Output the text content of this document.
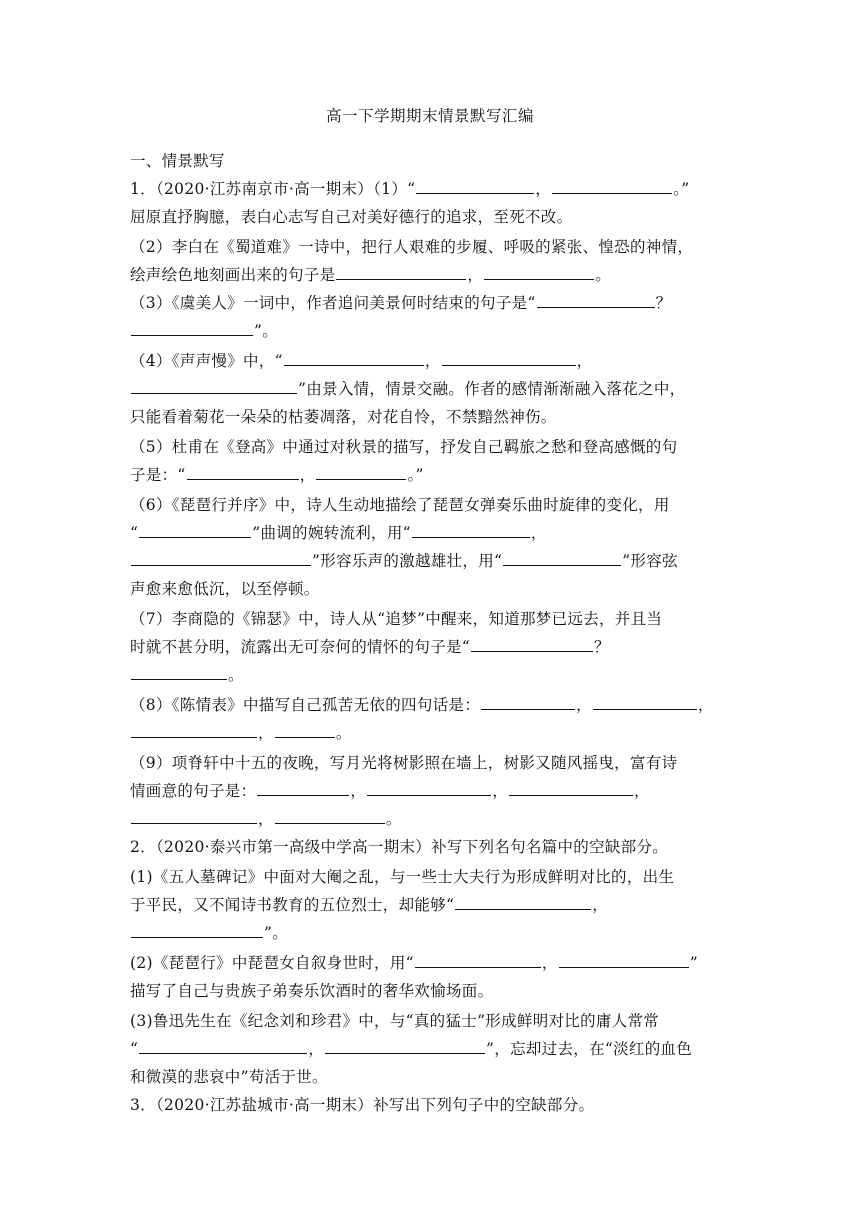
高一下学期期末情景默写汇编
一、情景默写
1．（2020·江苏南京市·高一期末）（1）“	，	。”
屈原直抒胸臆，表白心志写自己对美好德行的追求，至死不改。
（2）李白在《蜀道难》一诗中，把行人艰难的步履、呼吸的紧张、惶恐的神情，
绘声绘色地刻画出来的句子是	，	。
（3）《虞美人》一词中，作者追问美景何时结束的句子是“	？
”。
（4）《声声慢》中，“	，	，
”由景入情，情景交融。作者的感情渐渐融入落花之中，
只能看着菊花一朵朵的枯萎凋落，对花自怜，不禁黯然神伤。
（5）杜甫在《登高》中通过对秋景的描写，抒发自己羁旅之愁和登高感慨的句
子是：“	，	。”
（6）《琵琶行并序》中，诗人生动地描绘了琵琶女弹奏乐曲时旋律的变化，用
“	”曲调的婉转流利，用“	，
”形容乐声的激越雄壮，用“	”形容弦
声愈来愈低沉，以至停顿。
（7）李商隐的《锦瑟》中，诗人从“追梦”中醒来，知道那梦已远去，并且当
时就不甚分明，流露出无可奈何的情怀的句子是“	？
。
（8）《陈情表》中描写自己孤苦无依的四句话是：	，	，
，	。
（9）项脊轩中十五的夜晚，写月光将树影照在墙上，树影又随风摇曳，富有诗
情画意的句子是：	，	，	，
，	。
2．（2020·泰兴市第一高级中学高一期末）补写下列名句名篇中的空缺部分。
(1)《五人墓碑记》中面对大阉之乱，与一些士大夫行为形成鲜明对比的，出生
于平民，又不闻诗书教育的五位烈士，却能够“	，
”。
(2)《琵琶行》中琵琶女自叙身世时，用“	，	”
描写了自己与贵族子弟奏乐饮酒时的奢华欢愉场面。
(3)鲁迅先生在《纪念刘和珍君》中，与“真的猛士”形成鲜明对比的庸人常常
“	，	”，忘却过去，在“淡红的血色
和微漠的悲哀中”苟活于世。
3．（2020·江苏盐城市·高一期末）补写出下列句子中的空缺部分。
